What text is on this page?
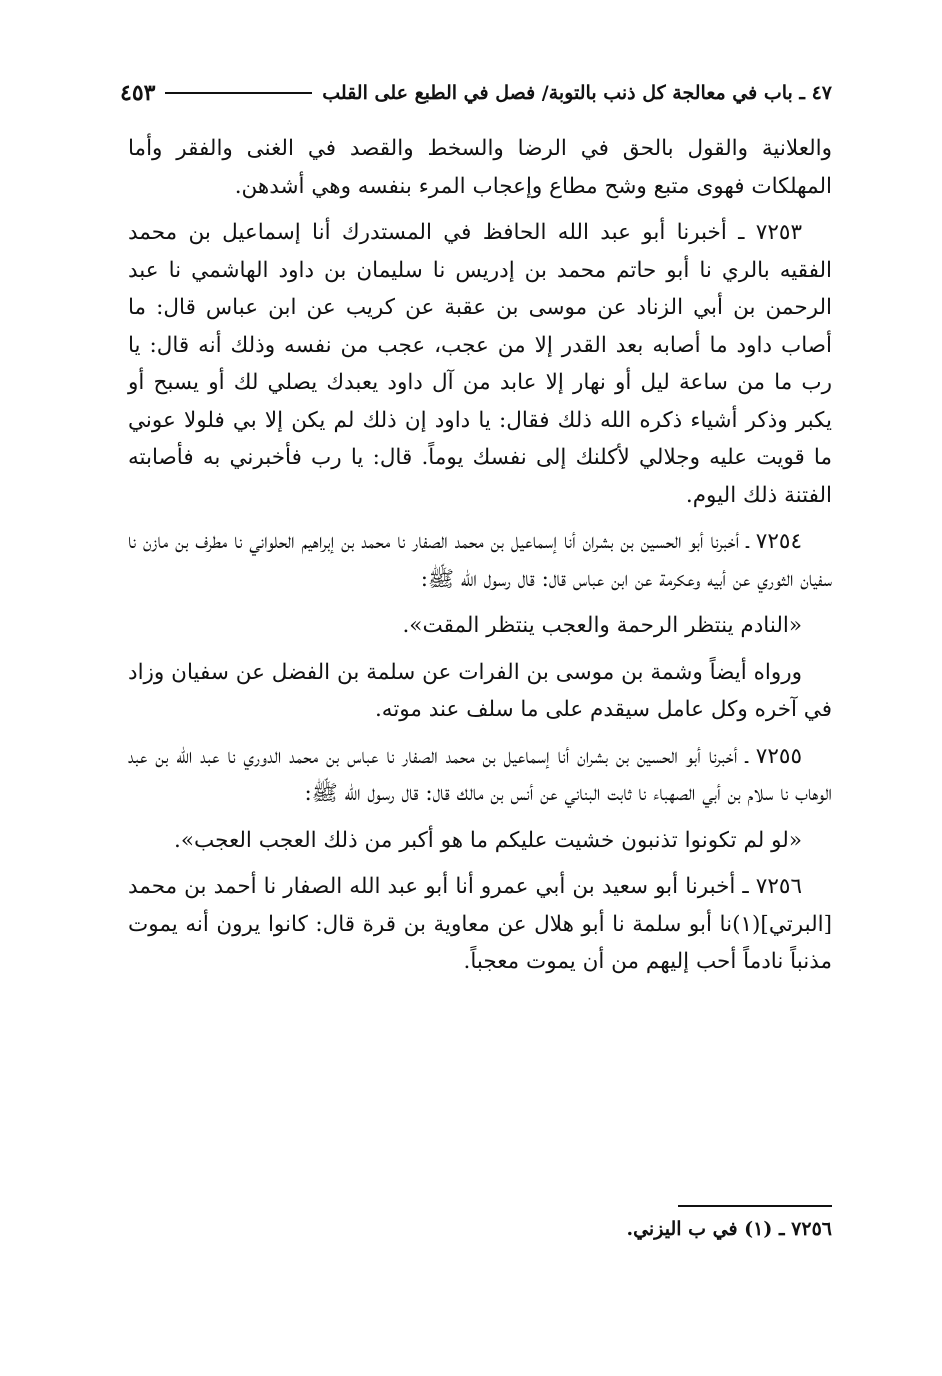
٤٧ ـ باب في معالجة كل ذنب بالتوبة/ فصل في الطبع على القلب
٤٥٣

والعلانية والقول بالحق في الرضا والسخط والقصد في الغنى والفقر وأما المهلكات فهوى متبع وشح مطاع وإعجاب المرء بنفسه وهي أشدهن.

٧٢٥٣ ـ أخبرنا أبو عبد الله الحافظ في المستدرك أنا إسماعيل بن محمد الفقيه بالري نا أبو حاتم محمد بن إدريس نا سليمان بن داود الهاشمي نا عبد الرحمن بن أبي الزناد عن موسى بن عقبة عن كريب عن ابن عباس قال: ما أصاب داود ما أصابه بعد القدر إلا من عجب، عجب من نفسه وذلك أنه قال: يا رب ما من ساعة ليل أو نهار إلا عابد من آل داود يعبدك يصلي لك أو يسبح أو يكبر وذكر أشياء ذكره الله ذلك فقال: يا داود إن ذلك لم يكن إلا بي فلولا عوني ما قويت عليه وجلالي لأكلنك إلى نفسك يوماً. قال: يا رب فأخبرني به فأصابته الفتنة ذلك اليوم.

٧٢٥٤ ـ أخبرنا أبو الحسين بن بشران أنا إسماعيل بن محمد الصفار نا محمد بن إبراهيم الحلواني نا مطرف بن مازن نا سفيان الثوري عن أبيه وعكرمة عن ابن عباس قال: قال رسول الله ﷺ:

«النادم ينتظر الرحمة والعجب ينتظر المقت».

ورواه أيضاً وشمة بن موسى بن الفرات عن سلمة بن الفضل عن سفيان وزاد في آخره وكل عامل سيقدم على ما سلف عند موته.

٧٢٥٥ ـ أخبرنا أبو الحسين بن بشران أنا إسماعيل بن محمد الصفار نا عباس بن محمد الدوري نا عبد الله بن عبد الوهاب نا سلام بن أبي الصهباء نا ثابت البناني عن أنس بن مالك قال: قال رسول الله ﷺ:

«لو لم تكونوا تذنبون خشيت عليكم ما هو أكبر من ذلك العجب العجب».

٧٢٥٦ ـ أخبرنا أبو سعيد بن أبي عمرو أنا أبو عبد الله الصفار نا أحمد بن محمد [البرتي](١)نا أبو سلمة نا أبو هلال عن معاوية بن قرة قال: كانوا يرون أنه يموت مذنباً نادماً أحب إليهم من أن يموت معجباً.

٧٢٥٦ ـ (١) في ب اليزني.
